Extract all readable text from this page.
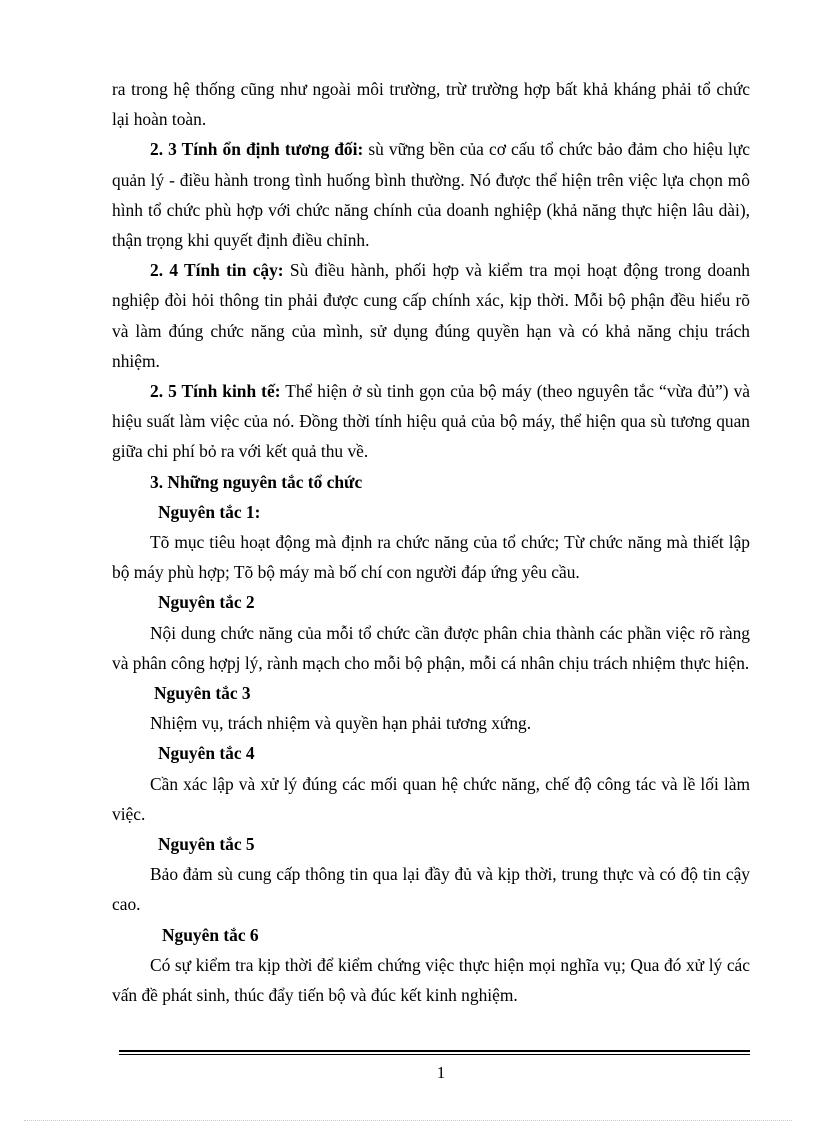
ra trong hệ thống cũng như ngoài môi trường, trừ trường hợp bất khả kháng phải tổ chức lại hoàn toàn.

2. 3 Tính ổn định tương đối: sù vững bền của cơ cấu tổ chức bảo đảm cho hiệu lực quản lý - điều hành trong tình huống bình thường. Nó được thể hiện trên việc lựa chọn mô hình tổ chức phù hợp với chức năng chính của doanh nghiệp (khả năng thực hiện lâu dài), thận trọng khi quyết định điều chỉnh.

2. 4 Tính tin cậy: Sù điều hành, phối hợp và kiểm tra mọi hoạt động trong doanh nghiệp đòi hỏi thông tin phải được cung cấp chính xác, kịp thời. Mỗi bộ phận đều hiểu rõ và làm đúng chức năng của mình, sử dụng đúng quyền hạn và có khả năng chịu trách nhiệm.

2. 5 Tính kinh tế: Thể hiện ở sù tinh gọn của bộ máy (theo nguyên tắc “vừa đủ”) và hiệu suất làm việc của nó. Đồng thời tính hiệu quả của bộ máy, thể hiện qua sù tương quan giữa chi phí bỏ ra với kết quả thu về.

3. Những nguyên tắc tổ chức

Nguyên tắc 1:

Tõ mục tiêu hoạt động mà định ra chức năng của tổ chức; Từ chức năng mà thiết lập bộ máy phù hợp; Tõ bộ máy mà bố chí con người đáp ứng yêu cầu.

Nguyên tắc 2

Nội dung chức năng của mỗi tổ chức cần được phân chia thành các phần việc rõ ràng và phân công hợpj lý, rành mạch cho mỗi bộ phận, mỗi cá nhân chịu trách nhiệm thực hiện.

Nguyên tắc 3

Nhiệm vụ, trách nhiệm và quyền hạn phải tương xứng.

Nguyên tắc 4

Cần xác lập và xử lý đúng các mối quan hệ chức năng, chế độ công tác và lề lối làm việc.

Nguyên tắc 5

Bảo đảm sù cung cấp thông tin qua lại đầy đủ và kịp thời, trung thực và có độ tin cậy cao.

Nguyên tắc 6

Có sự kiểm tra kịp thời để kiểm chứng việc thực hiện mọi nghĩa vụ; Qua đó xử lý các vấn đề phát sinh, thúc đẩy tiến bộ và đúc kết kinh nghiệm.

1
